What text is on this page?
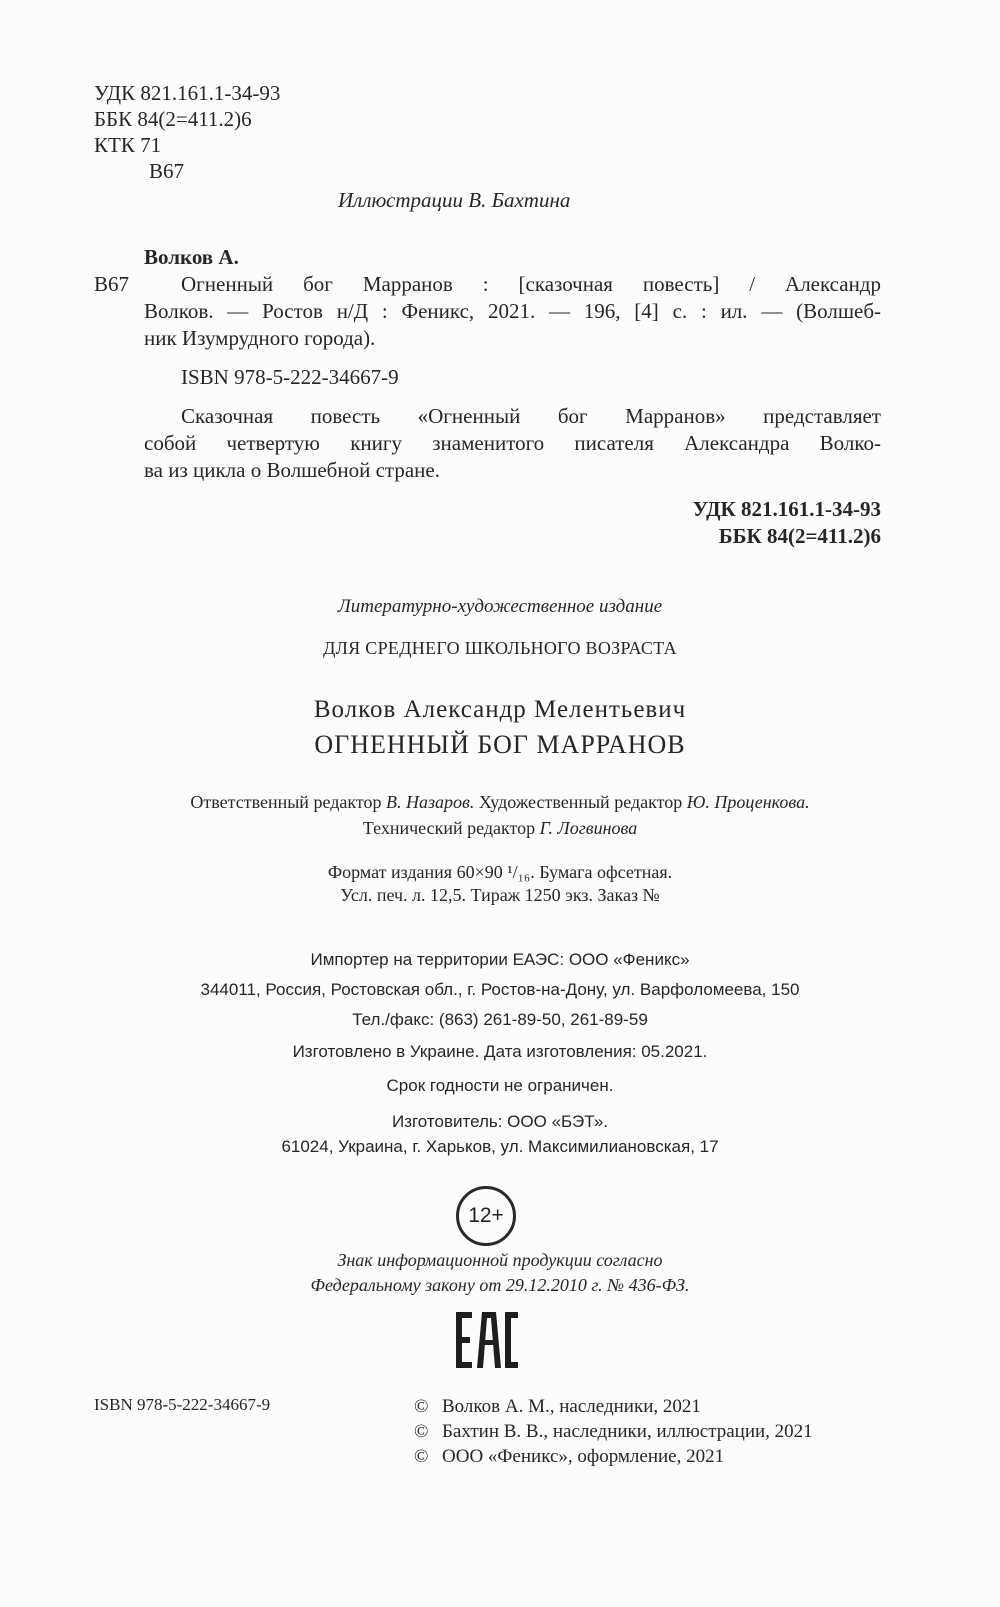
УДК 821.161.1-34-93
ББК 84(2=411.2)6
КТК 71
В67
Иллюстрации В. Бахтина
Волков А.
В67 Огненный бог Марранов : [сказочная повесть] / Александр
Волков. — Ростов н/Д : Феникс, 2021. — 196, [4] с. : ил. — (Волшеб-
ник Изумрудного города).
ISBN 978-5-222-34667-9
Сказочная повесть «Огненный бог Марранов» представляет
собой четвертую книгу знаменитого писателя Александра Волко-
ва из цикла о Волшебной стране.
УДК 821.161.1-34-93
ББК 84(2=411.2)6
Литературно-художественное издание
ДЛЯ СРЕДНЕГО ШКОЛЬНОГО ВОЗРАСТА
Волков Александр Мелентьевич
ОГНЕННЫЙ БОГ МАРРАНОВ
Ответственный редактор В. Назаров. Художественный редактор Ю. Проценкова.
Технический редактор Г. Логвинова
Формат издания 60×90 ¹/₁₆. Бумага офсетная.
Усл. печ. л. 12,5. Тираж 1250 экз. Заказ №
Импортер на территории ЕАЭС: ООО «Феникс»
344011, Россия, Ростовская обл., г. Ростов-на-Дону, ул. Варфоломеева, 150
Тел./факс: (863) 261-89-50, 261-89-59
Изготовлено в Украине. Дата изготовления: 05.2021.
Срок годности не ограничен.
Изготовитель: ООО «БЭТ».
61024, Украина, г. Харьков, ул. Максимилиановская, 17
12+
Знак информационной продукции согласно
Федеральному закону от 29.12.2010 г. № 436-ФЗ.
ISBN 978-5-222-34667-9	© Волков А. М., наследники, 2021
© Бахтин В. В., наследники, иллюстрации, 2021
© ООО «Феникс», оформление, 2021
